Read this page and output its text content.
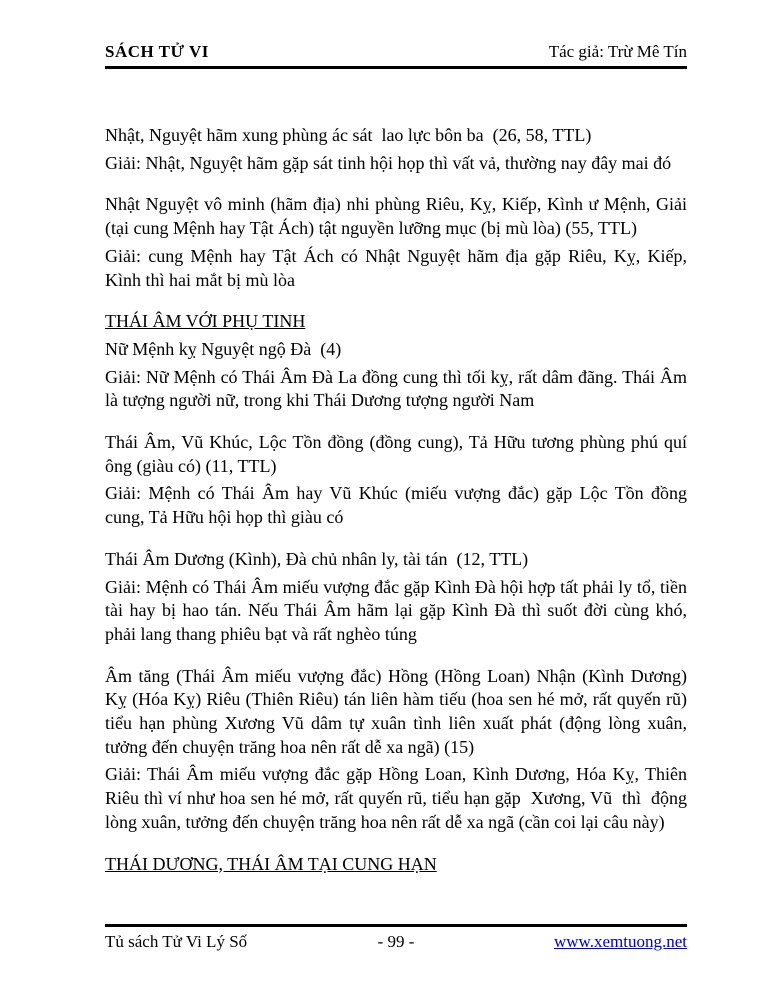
SÁCH TỬ VI	Tác giả: Trừ Mê Tín

Nhật, Nguyệt hãm xung phùng ác sát  lao lực bôn ba  (26, 58, TTL)

Giải: Nhật, Nguyệt hãm gặp sát tinh hội họp thì vất vả, thường nay đây mai đó

Nhật Nguyệt vô minh (hãm địa) nhi phùng Riêu, Kỵ, Kiếp, Kình ư Mệnh, Giải (tại cung Mệnh hay Tật Ách) tật nguyền lưỡng mục (bị mù lòa) (55, TTL)

Giải: cung Mệnh hay Tật Ách có Nhật Nguyệt hãm địa gặp Riêu, Kỵ, Kiếp, Kình thì hai mắt bị mù lòa

THÁI ÂM VỚI PHỤ TINH

Nữ Mệnh kỵ Nguyệt ngộ Đà  (4)

Giải: Nữ Mệnh có Thái Âm Đà La đồng cung thì tối kỵ, rất dâm đãng. Thái Âm là tượng người nữ, trong khi Thái Dương tượng người Nam

Thái Âm, Vũ Khúc, Lộc Tồn đồng (đồng cung), Tả Hữu tương phùng phú quí ông (giàu có) (11, TTL)

Giải: Mệnh có Thái Âm hay Vũ Khúc (miếu vượng đắc) gặp Lộc Tồn đồng cung, Tả Hữu hội họp thì giàu có

Thái Âm Dương (Kình), Đà chủ nhân ly, tài tán  (12, TTL)

Giải: Mệnh có Thái Âm miếu vượng đắc gặp Kình Đà hội hợp tất phải ly tổ, tiền tài hay bị hao tán. Nếu Thái Âm hãm lại gặp Kình Đà thì suốt đời cùng khó, phải lang thang phiêu bạt và rất nghèo túng

Âm tăng (Thái Âm miếu vượng đắc) Hồng (Hồng Loan) Nhận (Kình Dương) Kỵ (Hóa Kỵ) Riêu (Thiên Riêu) tán liên hàm tiếu (hoa sen hé mở, rất quyến rũ) tiểu hạn phùng Xương Vũ dâm tự xuân tình liên xuất phát (động lòng xuân, tưởng đến chuyện trăng hoa nên rất dễ xa ngã) (15)

Giải: Thái Âm miếu vượng đắc gặp Hồng Loan, Kình Dương, Hóa Kỵ, Thiên Riêu thì ví như hoa sen hé mở, rất quyến rũ, tiểu hạn gặp  Xương, Vũ  thì  động lòng xuân, tưởng đến chuyện trăng hoa nên rất dễ xa ngã (cần coi lại câu này)

THÁI DƯƠNG, THÁI ÂM TẠI CUNG HẠN

Tủ sách Tử Vi Lý Số	- 99 -	www.xemtuong.net
